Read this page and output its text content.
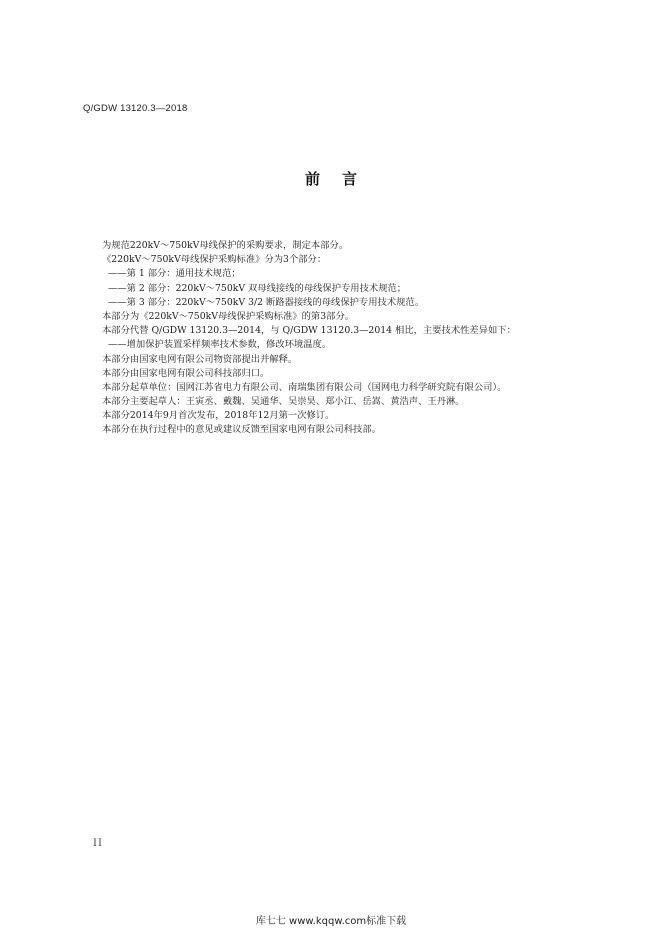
Q/GDW 13120.3—2018
前言
为规范220kV～750kV母线保护的采购要求，制定本部分。
《220kV～750kV母线保护采购标准》分为3个部分：
——第 1 部分：通用技术规范；
——第 2 部分：220kV～750kV 双母线接线的母线保护专用技术规范；
——第 3 部分：220kV～750kV 3/2 断路器接线的母线保护专用技术规范。
本部分为《220kV～750kV母线保护采购标准》的第3部分。
本部分代替 Q/GDW 13120.3—2014，与 Q/GDW 13120.3—2014 相比，主要技术性差异如下：
——增加保护装置采样频率技术参数，修改环境温度。
本部分由国家电网有限公司物资部提出并解释。
本部分由国家电网有限公司科技部归口。
本部分起草单位：国网江苏省电力有限公司、南瑞集团有限公司（国网电力科学研究院有限公司）。
本部分主要起草人：王寅丞、戴魏、吴通华、吴崇昊、郑小江、岳嵩、黄浩声、王丹淋。
本部分2014年9月首次发布，2018年12月第一次修订。
本部分在执行过程中的意见或建议反馈至国家电网有限公司科技部。
II
库七七 www.kqqw.com标准下载
